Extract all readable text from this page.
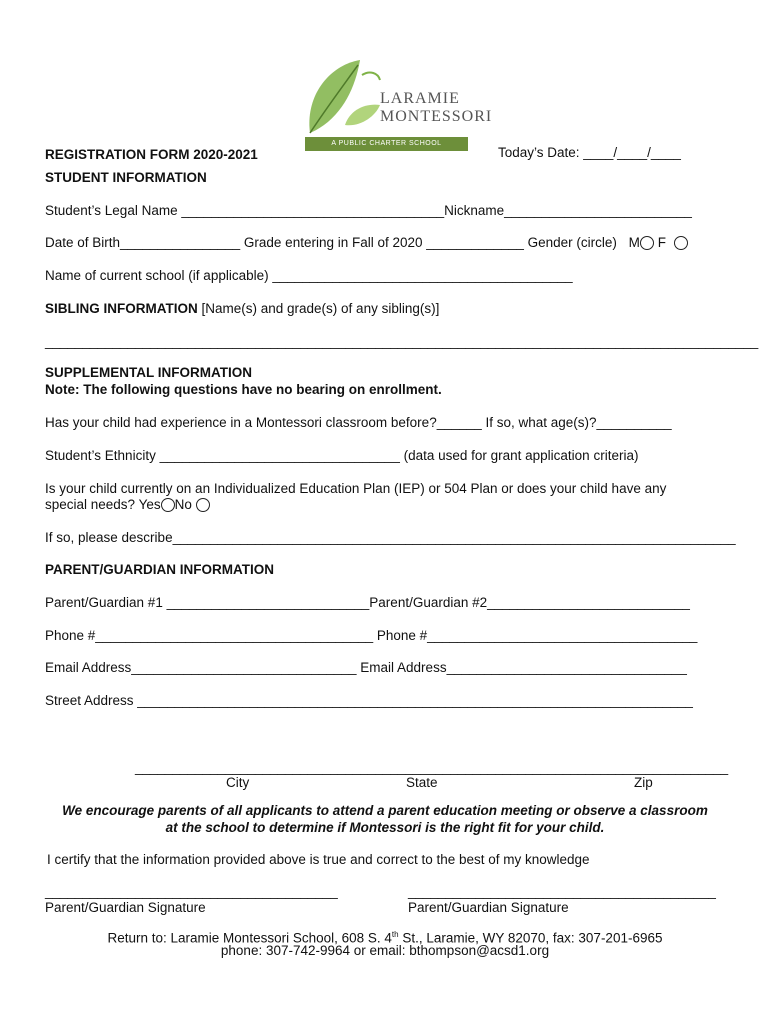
LARAMIE
MONTESSORI
A PUBLIC CHARTER SCHOOL
REGISTRATION FORM 2020-2021	Today’s Date: ____/____/____
STUDENT INFORMATION
Student’s Legal Name ___________________________________Nickname_________________________
Date of Birth________________ Grade entering in Fall of 2020 _____________ Gender (circle) M F
Name of current school (if applicable) ________________________________________
SIBLING INFORMATION [Name(s) and grade(s) of any sibling(s)]
_______________________________________________________________________________________________
SUPPLEMENTAL INFORMATION
Note: The following questions have no bearing on enrollment.
Has your child had experience in a Montessori classroom before?______ If so, what age(s)?__________
Student’s Ethnicity ________________________________ (data used for grant application criteria)
Is your child currently on an Individualized Education Plan (IEP) or 504 Plan or does your child have any
special needs? Yes No
If so, please describe___________________________________________________________________________
PARENT/GUARDIAN INFORMATION
Parent/Guardian #1 ___________________________Parent/Guardian #2___________________________
Phone #_____________________________________ Phone #____________________________________
Email Address______________________________ Email Address________________________________
Street Address __________________________________________________________________________
_______________________________________________________________________________
City	State	Zip
We encourage parents of all applicants to attend a parent education meeting or observe a classroom
at the school to determine if Montessori is the right fit for your child.
I certify that the information provided above is true and correct to the best of my knowledge
_______________________________________	_________________________________________
Parent/Guardian Signature	Parent/Guardian Signature
Return to: Laramie Montessori School, 608 S. 4th St., Laramie, WY 82070, fax: 307-201-6965
phone: 307-742-9964 or email: bthompson@acsd1.org
